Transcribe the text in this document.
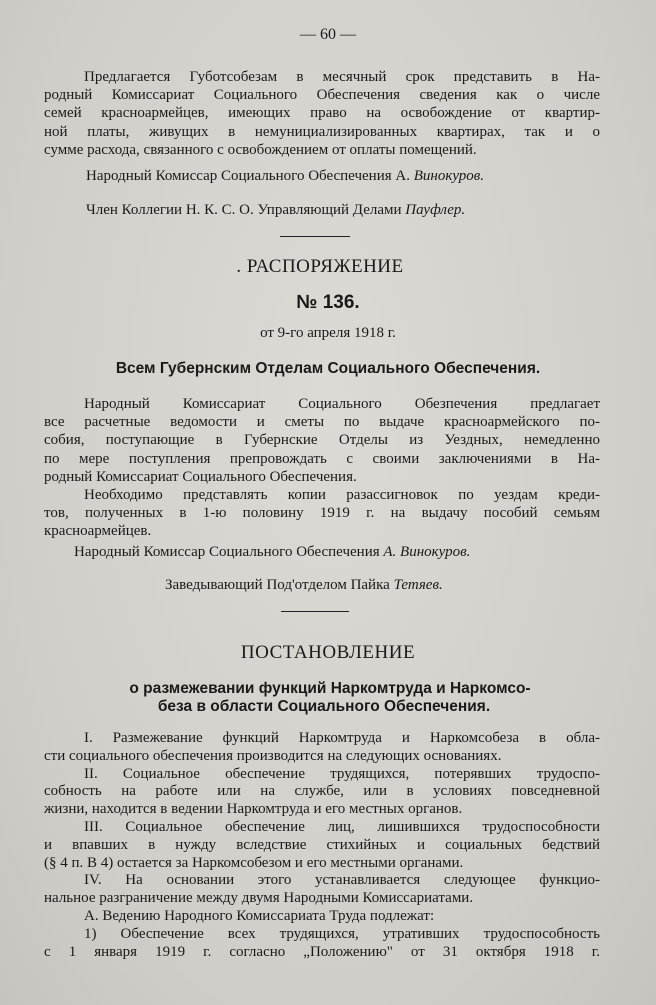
— 60 —
Предлагается Губотсобезам в месячный срок представить в На-
родный Комиссариат Социального Обеспечения сведения как о числе
семей красноармейцев, имеющих право на освобождение от квартир-
ной платы, живущих в немунициализированных квартирах, так и о
сумме расхода, связанного с освобождением от оплаты помещений.
Народный Комиссар Социального Обеспечения А. Винокуров.
Член Коллегии Н. К. С. О. Управляющий Делами Пауфлер.
. РАСПОРЯЖЕНИЕ
№ 136.
от 9-го апреля 1918 г.
Всем Губернским Отделам Социального Обеспечения.
Народный Комиссариат Социального Обезпечения предлагает
все расчетные ведомости и сметы по выдаче красноармейского по-
собия, поступающие в Губернские Отделы из Уездных, немедленно
по мере поступления препровождать с своими заключениями в На-
родный Комиссариат Социального Обеспечения.
Необходимо представлять копии разассигновок по уездам креди-
тов, полученных в 1-ю половину 1919 г. на выдачу пособий семьям
красноармейцев.
Народный Комиссар Социального Обеспечения А. Винокуров.
Заведывающий Под'отделом Пайка Тетяев.
ПОСТАНОВЛЕНИЕ
о размежевании функций Наркомтруда и Наркомсо-
беза в области Социального Обеспечения.
I. Размежевание функций Наркомтруда и Наркомсобеза в обла-
сти социального обеспечения производится на следующих основаниях.
II. Социальное обеспечение трудящихся, потерявших трудоспо-
собность на работе или на службе, или в условиях повседневной
жизни, находится в ведении Наркомтруда и его местных органов.
III. Социальное обеспечение лиц, лишившихся трудоспособности
и впавших в нужду вследствие стихийных и социальных бедствий
(§ 4 п. В 4) остается за Наркомсобезом и его местными органами.
IV. На основании этого устанавливается следующее функцио-
нальное разграничение между двумя Народными Комиссариатами.
А. Ведению Народного Комиссариата Труда подлежат:
1) Обеспечение всех трудящихся, утративших трудоспособность
с 1 января 1919 г. согласно „Положению" от 31 октября 1918 г.
